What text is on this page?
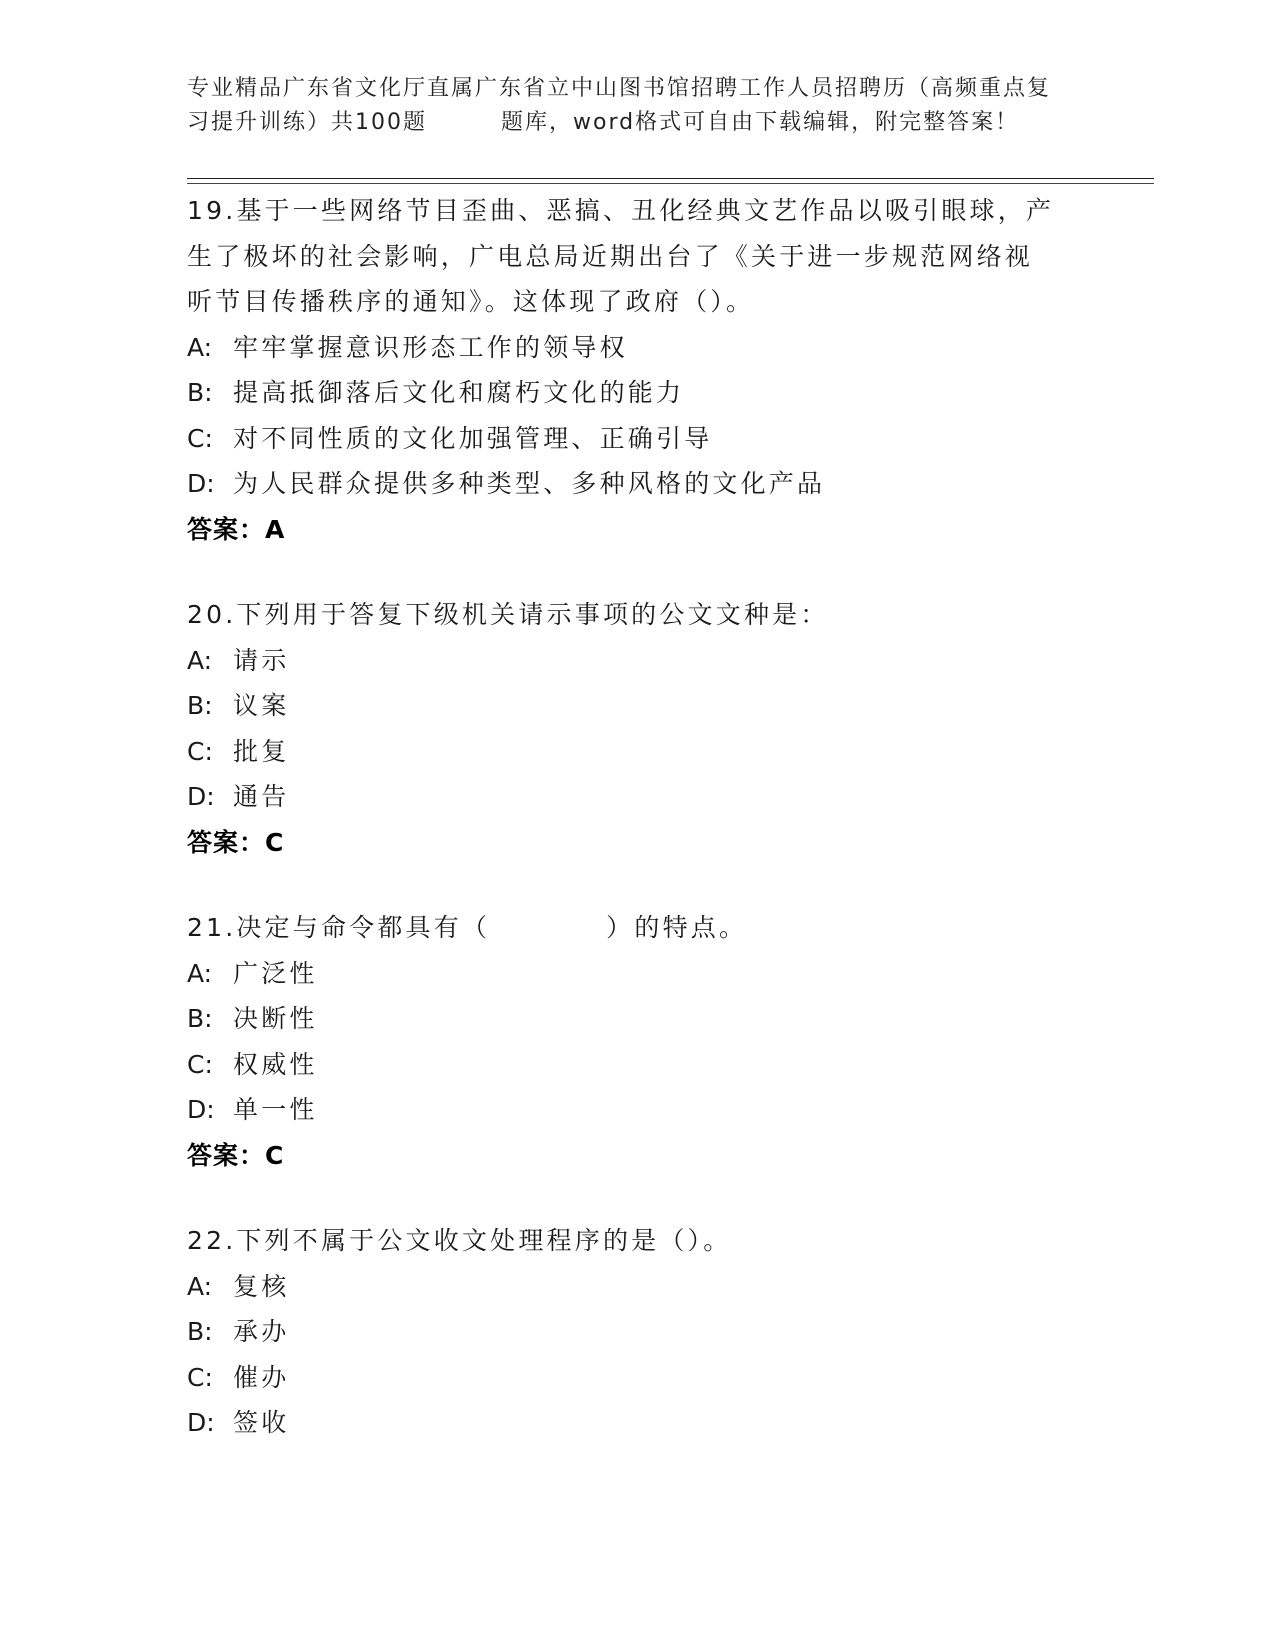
专业精品广东省文化厅直属广东省立中山图书馆招聘工作人员招聘历（高频重点复
习提升训练）共100题	题库，word格式可自由下载编辑，附完整答案！
19.基于一些网络节目歪曲、恶搞、丑化经典文艺作品以吸引眼球，产
生了极坏的社会影响，广电总局近期出台了《关于进一步规范网络视
听节目传播秩序的通知》。这体现了政府（）。
A: 牢牢掌握意识形态工作的领导权
B: 提高抵御落后文化和腐朽文化的能力
C: 对不同性质的文化加强管理、正确引导
D: 为人民群众提供多种类型、多种风格的文化产品
答案：A
20.下列用于答复下级机关请示事项的公文文种是：
A: 请示
B: 议案
C: 批复
D: 通告
答案：C
21.决定与命令都具有（	）的特点。
A: 广泛性
B: 决断性
C: 权威性
D: 单一性
答案：C
22.下列不属于公文收文处理程序的是（）。
A: 复核
B: 承办
C: 催办
D: 签收
